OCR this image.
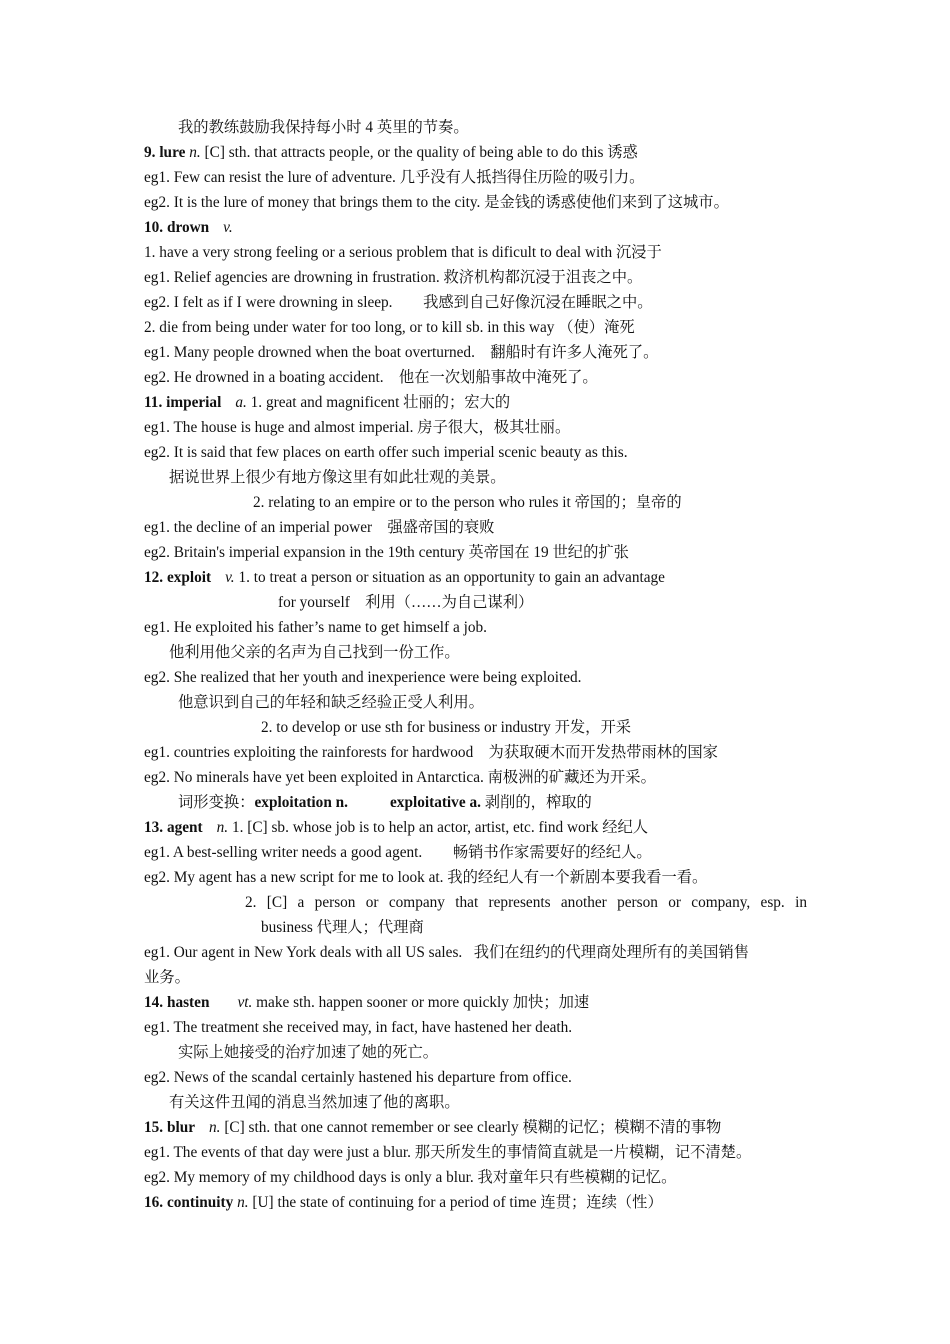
我的教练鼓励我保持每小时 4 英里的节奏。
9. lure n. [C] sth. that attracts people, or the quality of being able to do this 诱惑
eg1. Few can resist the lure of adventure. 几乎没有人抵挡得住历险的吸引力。
eg2. It is the lure of money that brings them to the city. 是金钱的诱惑使他们来到了这城市。
10. drown v.
1. have a very strong feeling or a serious problem that is dificult to deal with 沉浸于
eg1. Relief agencies are drowning in frustration. 救济机构都沉浸于沮丧之中。
eg2. I felt as if I were drowning in sleep.        我感到自己好像沉浸在睡眠之中。
2. die from being under water for too long, or to kill sb. in this way （使）淹死
eg1. Many people drowned when the boat overturned.    翻船时有许多人淹死了。
eg2. He drowned in a boating accident.    他在一次划船事故中淹死了。
11. imperial a. 1. great and magnificent 壮丽的；宏大的
eg1. The house is huge and almost imperial. 房子很大，极其壮丽。
eg2. It is said that few places on earth offer such imperial scenic beauty as this.
据说世界上很少有地方像这里有如此壮观的美景。
2. relating to an empire or to the person who rules it 帝国的；皇帝的
eg1. the decline of an imperial power    强盛帝国的衰败
eg2. Britain's imperial expansion in the 19th century 英帝国在 19 世纪的扩张
12. exploit v. 1. to treat a person or situation as an opportunity to gain an advantage
for yourself    利用（……为自己谋利）
eg1. He exploited his father’s name to get himself a job.
他利用他父亲的名声为自己找到一份工作。
eg2. She realized that her youth and inexperience were being exploited.
他意识到自己的年轻和缺乏经验正受人利用。
2. to develop or use sth for business or industry 开发，开采
eg1. countries exploiting the rainforests for hardwood    为获取硬木而开发热带雨林的国家
eg2. No minerals have yet been exploited in Antarctica. 南极洲的矿藏还为开采。
词形变换：exploitation n.	exploitative a. 剥削的，榨取的
13. agent n. 1. [C] sb. whose job is to help an actor, artist, etc. find work 经纪人
eg1. A best-selling writer needs a good agent.        畅销书作家需要好的经纪人。
eg2. My agent has a new script for me to look at. 我的经纪人有一个新剧本要我看一看。
2. [C] a person or company that represents another person or company, esp. in
business 代理人；代理商
eg1. Our agent in New York deals with all US sales.   我们在纽约的代理商处理所有的美国销售
业务。
14. hasten vt. make sth. happen sooner or more quickly 加快；加速
eg1. The treatment she received may, in fact, have hastened her death.
实际上她接受的治疗加速了她的死亡。
eg2. News of the scandal certainly hastened his departure from office.
有关这件丑闻的消息当然加速了他的离职。
15. blur n. [C] sth. that one cannot remember or see clearly 模糊的记忆；模糊不清的事物
eg1. The events of that day were just a blur. 那天所发生的事情简直就是一片模糊，记不清楚。
eg2. My memory of my childhood days is only a blur. 我对童年只有些模糊的记忆。
16. continuity n. [U] the state of continuing for a period of time 连贯；连续（性）
